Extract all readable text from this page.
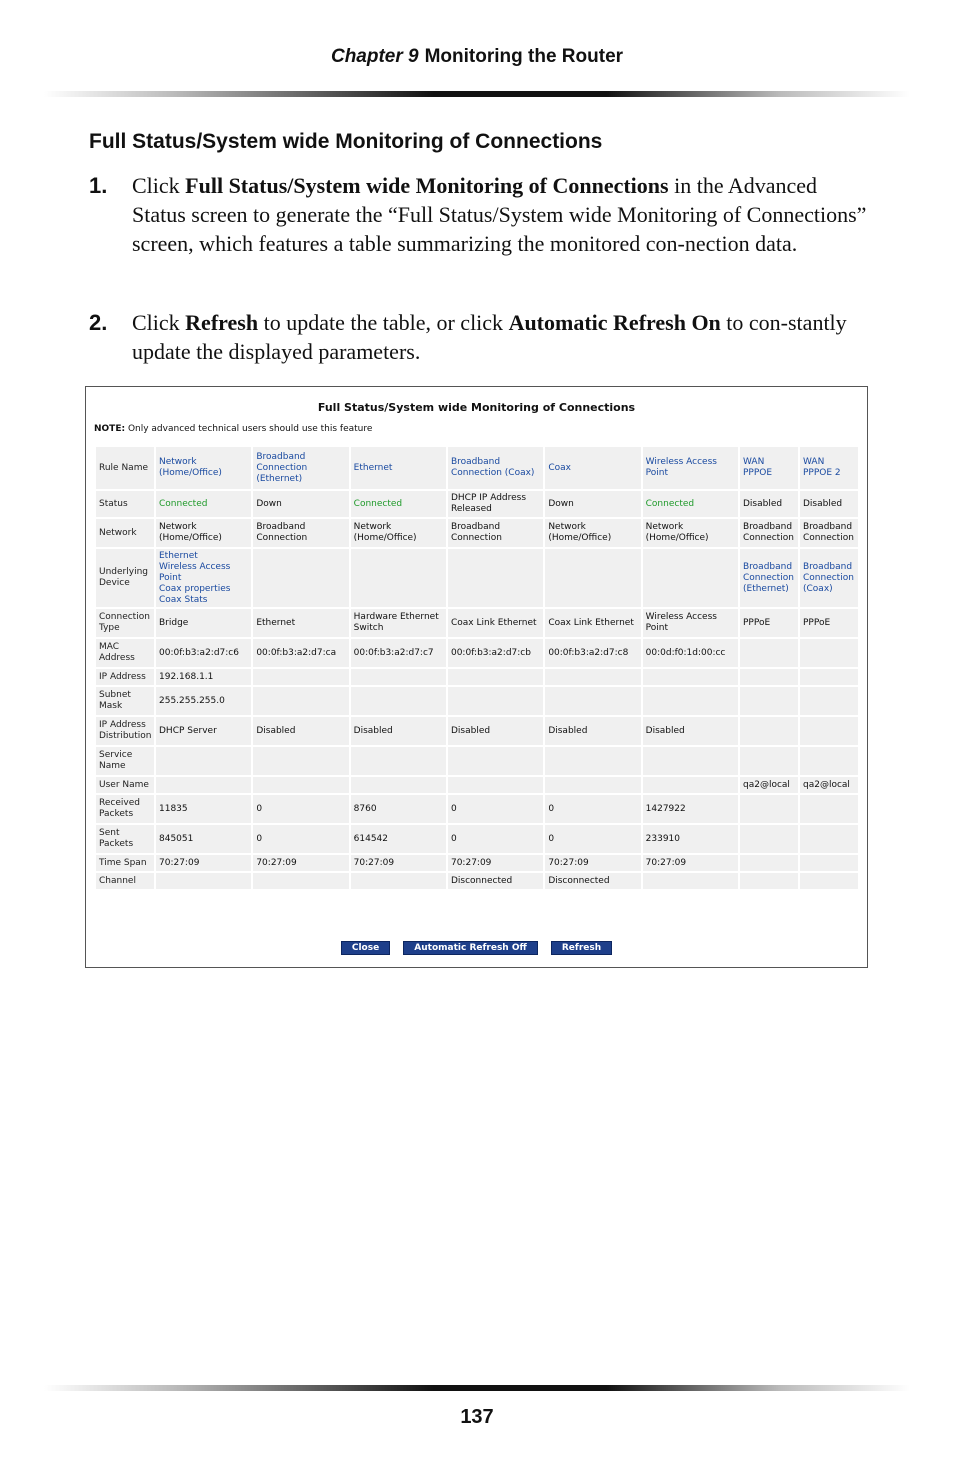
Chapter 9 Monitoring the Router
Full Status/System wide Monitoring of Connections
1. Click Full Status/System wide Monitoring of Connections in the Advanced Status screen to generate the “Full Status/System wide Monitoring of Connections” screen, which features a table summarizing the monitored con-nection data.
2. Click Refresh to update the table, or click Automatic Refresh On to con-stantly update the displayed parameters.
Full Status/System wide Monitoring of Connections
NOTE: Only advanced technical users should use this feature
Rule Name	Network (Home/Office)	Broadband Connection (Ethernet)	Ethernet	Broadband Connection (Coax)	Coax	Wireless Access Point	WAN PPPOE	WAN PPPOE 2
Status	Connected	Down	Connected	DHCP IP Address Released	Down	Connected	Disabled	Disabled
Network	Network (Home/Office)	Broadband Connection	Network (Home/Office)	Broadband Connection	Network (Home/Office)	Network (Home/Office)	Broadband Connection	Broadband Connection
Underlying Device	Ethernet
Wireless Access Point
Coax properties
Coax Stats						Broadband Connection (Ethernet)	Broadband Connection (Coax)
Connection Type	Bridge	Ethernet	Hardware Ethernet Switch	Coax Link Ethernet	Coax Link Ethernet	Wireless Access Point	PPPoE	PPPoE
MAC Address	00:0f:b3:a2:d7:c6	00:0f:b3:a2:d7:ca	00:0f:b3:a2:d7:c7	00:0f:b3:a2:d7:cb	00:0f:b3:a2:d7:c8	00:0d:f0:1d:00:cc		
IP Address	192.168.1.1							
Subnet Mask	255.255.255.0							
IP Address Distribution	DHCP Server	Disabled	Disabled	Disabled	Disabled	Disabled		
Service Name								
User Name							qa2@local	qa2@local
Received Packets	11835	0	8760	0	0	1427922		
Sent Packets	845051	0	614542	0	0	233910		
Time Span	70:27:09	70:27:09	70:27:09	70:27:09	70:27:09	70:27:09		
Channel				Disconnected	Disconnected			
Close	Automatic Refresh Off	Refresh
137
